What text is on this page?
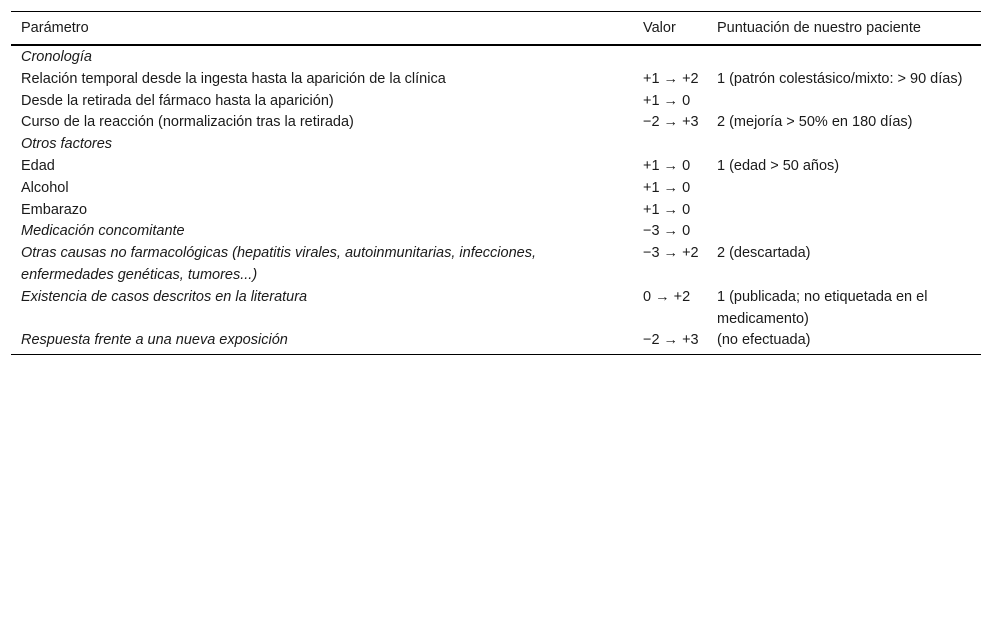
Parámetro	Valor	Puntuación de nuestro paciente
Cronología		
Relación temporal desde la ingesta hasta la aparición de la clínica	+1 → +2	1 (patrón colestásico/mixto: > 90 días)
Desde la retirada del fármaco hasta la aparición)	+1 → 0	
Curso de la reacción (normalización tras la retirada)	−2 → +3	2 (mejoría > 50% en 180 días)
Otros factores		
Edad	+1 → 0	1 (edad > 50 años)
Alcohol	+1 → 0	
Embarazo	+1 → 0	
Medicación concomitante	−3 → 0	
Otras causas no farmacológicas (hepatitis virales, autoinmunitarias, infecciones, enfermedades genéticas, tumores...)	−3 → +2	2 (descartada)
Existencia de casos descritos en la literatura	0 → +2	1 (publicada; no etiquetada en el medicamento)
Respuesta frente a una nueva exposición	−2 → +3	(no efectuada)
